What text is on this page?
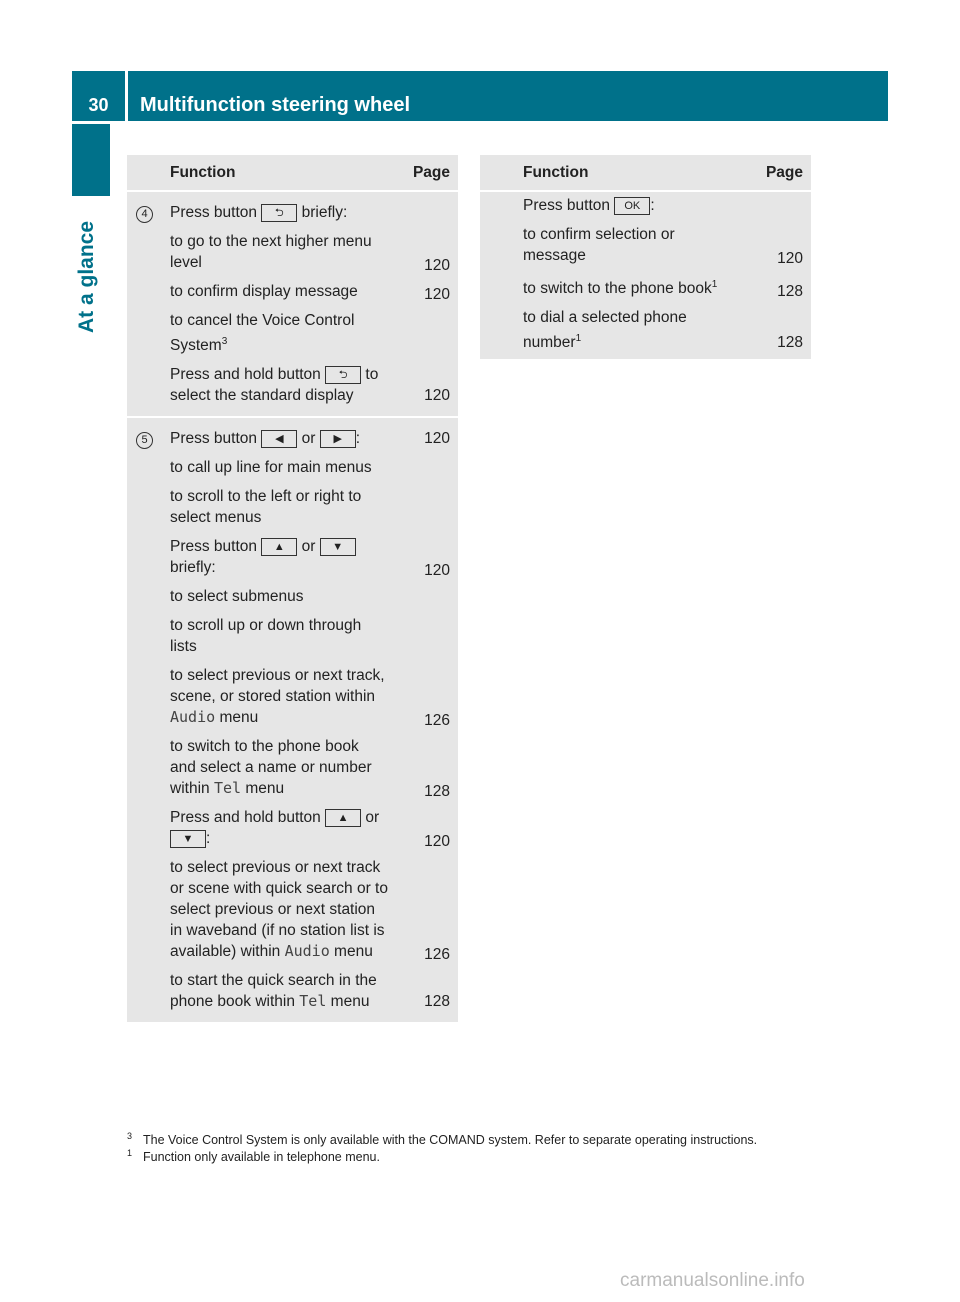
30	Multifunction steering wheel
At a glance
	Function	Page
4	Press button ⮌ briefly:	

	to go to the next higher menu level	120

	to confirm display message	120

	to cancel the Voice Control System$^3$

	Press and hold button ⮌ to select the standard display	120
5	Press button ◀ or ▶ :	120

	to call up line for main menus	

	to scroll to the left or right to select menus	

	Press button ▲ or ▼ briefly:	120

	to select submenus	

	to scroll up or down through lists	

	to select previous or next track, scene, or stored station within Audio menu	126

	to switch to the phone book and select a name or number within Tel menu	128

	Press and hold button ▲ or ▼ :	120

	to select previous or next track or scene with quick search or to select previous or next station in waveband (if no station list is available) within Audio menu	126

	to start the quick search in the phone book within Tel menu	128
	Function	Page

	Press button OK :	

	to confirm selection or message	120

	to switch to the phone book$^1$	128

	to dial a selected phone number$^1$	128
3 The Voice Control System is only available with the COMAND system. Refer to separate operating instructions.
1 Function only available in telephone menu.
carmanualsonline.info
